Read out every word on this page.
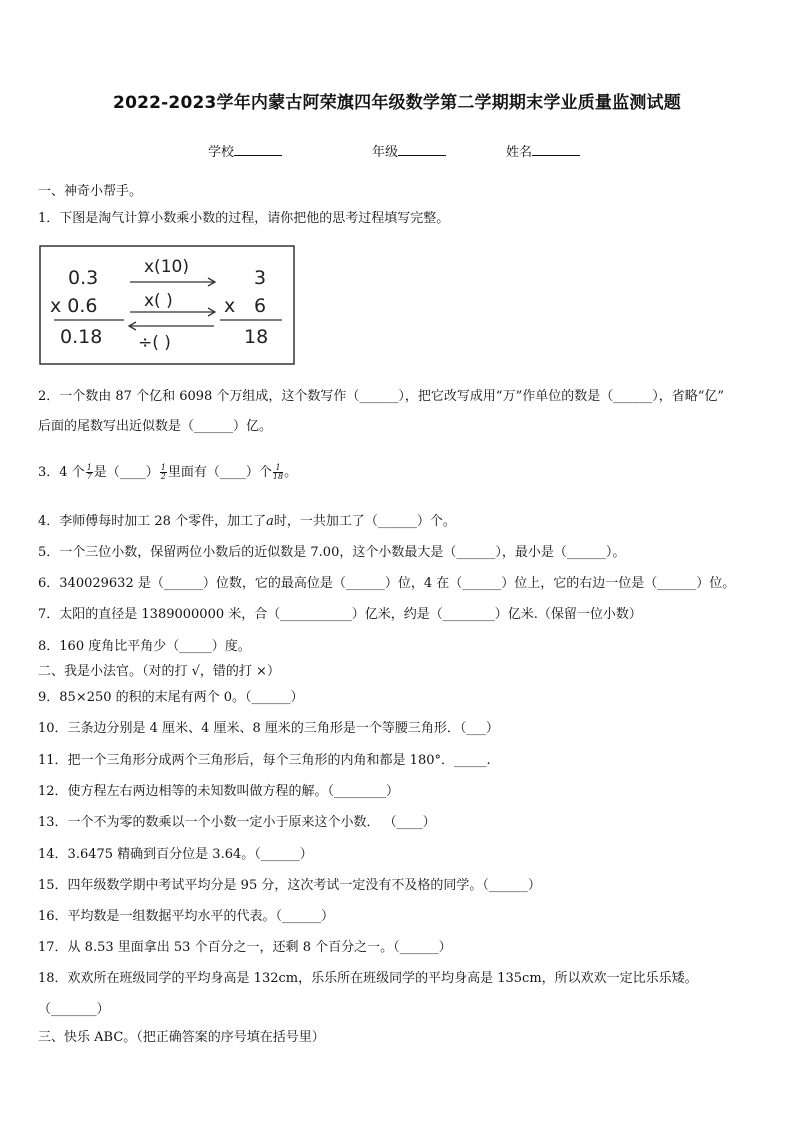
2022-2023学年内蒙古阿荣旗四年级数学第二学期期末学业质量监测试题
学校	年级	姓名
一、神奇小帮手。
1．下图是淘气计算小数乘小数的过程，请你把他的思考过程填写完整。
0.3
x 0.6
0.18
x(10)
x( )
÷( )
3
x 6
18
2．一个数由 87 个亿和 6098 个万组成，这个数写作（______），把它改写成用“万”作单位的数是（______），省略“亿”
后面的尾数写出近似数是（______）亿。
3．4 个 $\frac{1}{7}$ 是（____） $\frac{1}{2}$ 里面有（____）个 $\frac{1}{18}$ 。
4．李师傅每时加工 28 个零件，加工了a时，一共加工了（______）个。
5．一个三位小数，保留两位小数后的近似数是 7.00，这个小数最大是（______），最小是（______）。
6．340029632 是（______）位数，它的最高位是（______）位，4 在（______）位上，它的右边一位是（______）位。
7．太阳的直径是 1389000000 米，合（___________）亿米，约是（________）亿米.（保留一位小数）
8．160 度角比平角少（_____）度。
二、我是小法官。（对的打 √，错的打 ×）
9．85×250 的积的末尾有两个 0。（______）
10．三条边分别是 4 厘米、4 厘米、8 厘米的三角形是一个等腰三角形．（___）
11．把一个三角形分成两个三角形后，每个三角形的内角和都是 180°．_____.
12．使方程左右两边相等的未知数叫做方程的解。（________）
13．一个不为零的数乘以一个小数一定小于原来这个小数． （____）
14．3.6475 精确到百分位是 3.64。（______）
15．四年级数学期中考试平均分是 95 分，这次考试一定没有不及格的同学。（______）
16．平均数是一组数据平均水平的代表。（______）
17．从 8.53 里面拿出 53 个百分之一，还剩 8 个百分之一。（______）
18．欢欢所在班级同学的平均身高是 132cm，乐乐所在班级同学的平均身高是 135cm，所以欢欢一定比乐乐矮。
（_______）
三、快乐 ABC。（把正确答案的序号填在括号里）
